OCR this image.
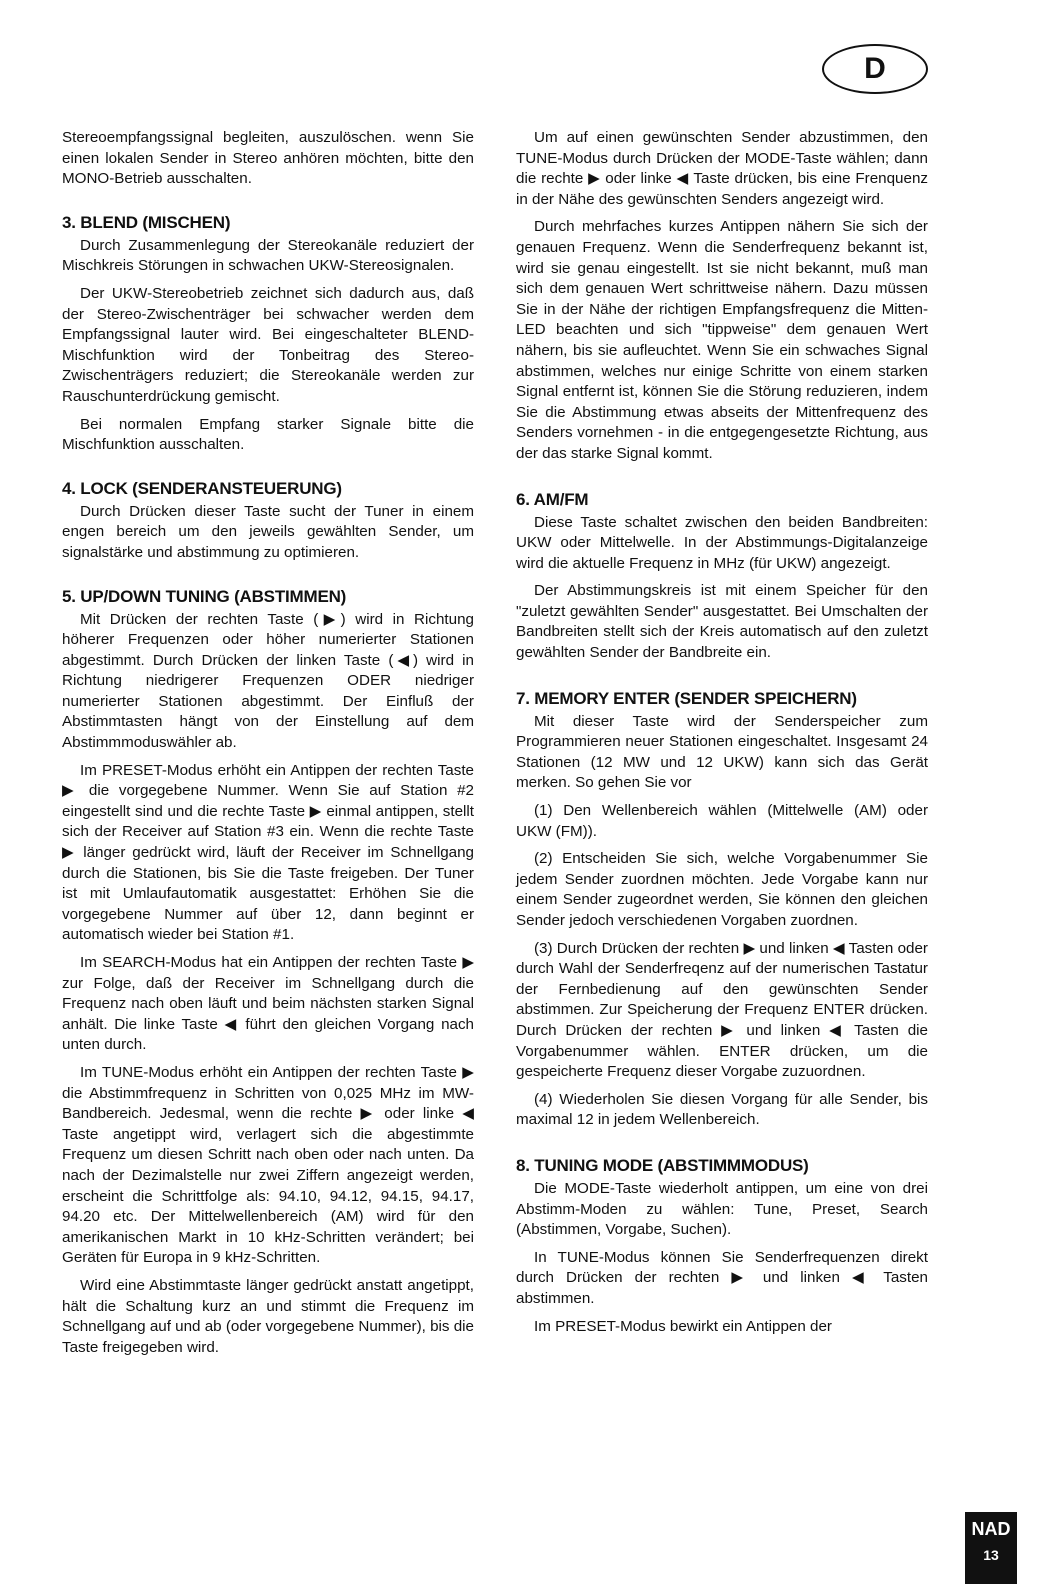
D

Stereoempfangssignal begleiten, auszulöschen. wenn Sie einen lokalen Sender in Stereo anhören möchten, bitte den MONO-Betrieb ausschalten.

3. BLEND (MISCHEN)

Durch Zusammenlegung der Stereokanäle reduziert der Mischkreis Störungen in schwachen UKW-Stereosignalen.

Der UKW-Stereobetrieb zeichnet sich dadurch aus, daß der Stereo-Zwischenträger bei schwacher werden dem Empfangssignal lauter wird. Bei eingeschalteter BLEND-Mischfunktion wird der Tonbeitrag des Stereo-Zwischenträgers reduziert; die Stereokanäle werden zur Rauschunterdrückung gemischt.

Bei normalen Empfang starker Signale bitte die Mischfunktion ausschalten.

4. LOCK (SENDERANSTEUERUNG)

Durch Drücken dieser Taste sucht der Tuner in einem engen bereich um den jeweils gewählten Sender, um signalstärke und abstimmung zu optimieren.

5. UP/DOWN TUNING (ABSTIMMEN)

Mit Drücken der rechten Taste (▶) wird in Richtung höherer Frequenzen oder höher numerierter Stationen abgestimmt. Durch Drücken der linken Taste (◀) wird in Richtung niedrigerer Frequenzen ODER niedriger numerierter Stationen abgestimmt. Der Einfluß der Abstimmtasten hängt von der Einstellung auf dem Abstimmmoduswähler ab.

Im PRESET-Modus erhöht ein Antippen der rechten Taste ▶ die vorgegebene Nummer. Wenn Sie auf Station #2 eingestellt sind und die rechte Taste ▶ einmal antippen, stellt sich der Receiver auf Station #3 ein. Wenn die rechte Taste ▶ länger gedrückt wird, läuft der Receiver im Schnellgang durch die Stationen, bis Sie die Taste freigeben. Der Tuner ist mit Umlaufautomatik ausgestattet: Erhöhen Sie die vorgegebene Nummer auf über 12, dann beginnt er automatisch wieder bei Station #1.

Im SEARCH-Modus hat ein Antippen der rechten Taste ▶ zur Folge, daß der Receiver im Schnellgang durch die Frequenz nach oben läuft und beim nächsten starken Signal anhält. Die linke Taste ◀ führt den gleichen Vorgang nach unten durch.

Im TUNE-Modus erhöht ein Antippen der rechten Taste ▶ die Abstimmfrequenz in Schritten von 0,025 MHz im MW-Bandbereich. Jedesmal, wenn die rechte ▶ oder linke ◀ Taste angetippt wird, verlagert sich die abgestimmte Frequenz um diesen Schritt nach oben oder nach unten. Da nach der Dezimalstelle nur zwei Ziffern angezeigt werden, erscheint die Schrittfolge als: 94.10, 94.12, 94.15, 94.17, 94.20 etc. Der Mittelwellenbereich (AM) wird für den amerikanischen Markt in 10 kHz-Schritten verändert; bei Geräten für Europa in 9 kHz-Schritten.

Wird eine Abstimmtaste länger gedrückt anstatt angetippt, hält die Schaltung kurz an und stimmt die Frequenz im Schnellgang auf und ab (oder vorgegebene Nummer), bis die Taste freigegeben wird.

Um auf einen gewünschten Sender abzustimmen, den TUNE-Modus durch Drücken der MODE-Taste wählen; dann die rechte ▶ oder linke ◀ Taste drücken, bis eine Frenquenz in der Nähe des gewünschten Senders angezeigt wird.

Durch mehrfaches kurzes Antippen nähern Sie sich der genauen Frequenz. Wenn die Senderfrequenz bekannt ist, wird sie genau eingestellt. Ist sie nicht bekannt, muß man sich dem genauen Wert schrittweise nähern. Dazu müssen Sie in der Nähe der richtigen Empfangsfrequenz die Mitten-LED beachten und sich "tippweise" dem genauen Wert nähern, bis sie aufleuchtet. Wenn Sie ein schwaches Signal abstimmen, welches nur einige Schritte von einem starken Signal entfernt ist, können Sie die Störung reduzieren, indem Sie die Abstimmung etwas abseits der Mittenfrequenz des Senders vornehmen - in die entgegengesetzte Richtung, aus der das starke Signal kommt.

6. AM/FM

Diese Taste schaltet zwischen den beiden Bandbreiten: UKW oder Mittelwelle. In der Abstimmungs-Digitalanzeige wird die aktuelle Frequenz in MHz (für UKW) angezeigt.

Der Abstimmungskreis ist mit einem Speicher für den "zuletzt gewählten Sender" ausgestattet. Bei Umschalten der Bandbreiten stellt sich der Kreis automatisch auf den zuletzt gewählten Sender der Bandbreite ein.

7. MEMORY ENTER (SENDER SPEICHERN)

Mit dieser Taste wird der Senderspeicher zum Programmieren neuer Stationen eingeschaltet. Insgesamt 24 Stationen (12 MW und 12 UKW) kann sich das Gerät merken. So gehen Sie vor

(1) Den Wellenbereich wählen (Mittelwelle (AM) oder UKW (FM)).

(2) Entscheiden Sie sich, welche Vorgabenummer Sie jedem Sender zuordnen möchten. Jede Vorgabe kann nur einem Sender zugeordnet werden, Sie können den gleichen Sender jedoch verschiedenen Vorgaben zuordnen.

(3) Durch Drücken der rechten ▶ und linken ◀ Tasten oder durch Wahl der Senderfreqenz auf der numerischen Tastatur der Fernbedienung auf den gewünschten Sender abstimmen. Zur Speicherung der Frequenz ENTER drücken. Durch Drücken der rechten ▶ und linken ◀ Tasten die Vorgabenummer wählen. ENTER drücken, um die gespeicherte Frequenz dieser Vorgabe zuzuordnen.

(4) Wiederholen Sie diesen Vorgang für alle Sender, bis maximal 12 in jedem Wellenbereich.

8. TUNING MODE (ABSTIMMMODUS)

Die MODE-Taste wiederholt antippen, um eine von drei Abstimm-Moden zu wählen: Tune, Preset, Search (Abstimmen, Vorgabe, Suchen).

In TUNE-Modus können Sie Senderfrequenzen direkt durch Drücken der rechten ▶ und linken ◀ Tasten abstimmen.

Im PRESET-Modus bewirkt ein Antippen der

NAD
13
